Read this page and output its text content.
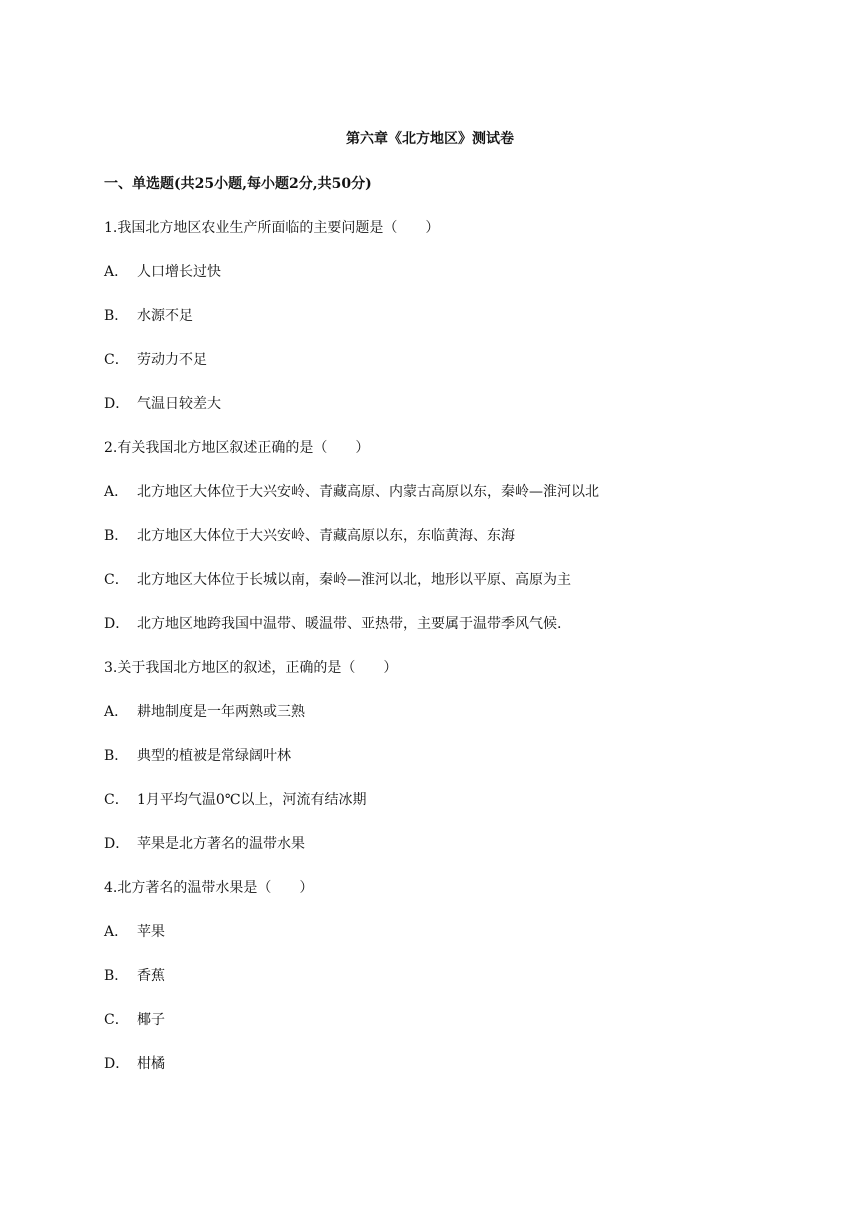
第六章《北方地区》测试卷
一、单选题(共25小题,每小题2分,共50分)
1.我国北方地区农业生产所面临的主要问题是（　　）
A． 人口增长过快
B． 水源不足
C． 劳动力不足
D． 气温日较差大
2.有关我国北方地区叙述正确的是（　　）
A． 北方地区大体位于大兴安岭、青藏高原、内蒙古高原以东，秦岭—淮河以北
B． 北方地区大体位于大兴安岭、青藏高原以东，东临黄海、东海
C． 北方地区大体位于长城以南，秦岭—淮河以北，地形以平原、高原为主
D． 北方地区地跨我国中温带、暖温带、亚热带，主要属于温带季风气候.
3.关于我国北方地区的叙述，正确的是（　　）
A． 耕地制度是一年两熟或三熟
B． 典型的植被是常绿阔叶林
C． 1月平均气温0℃以上，河流有结冰期
D． 苹果是北方著名的温带水果
4.北方著名的温带水果是（　　）
A． 苹果
B． 香蕉
C． 椰子
D． 柑橘
